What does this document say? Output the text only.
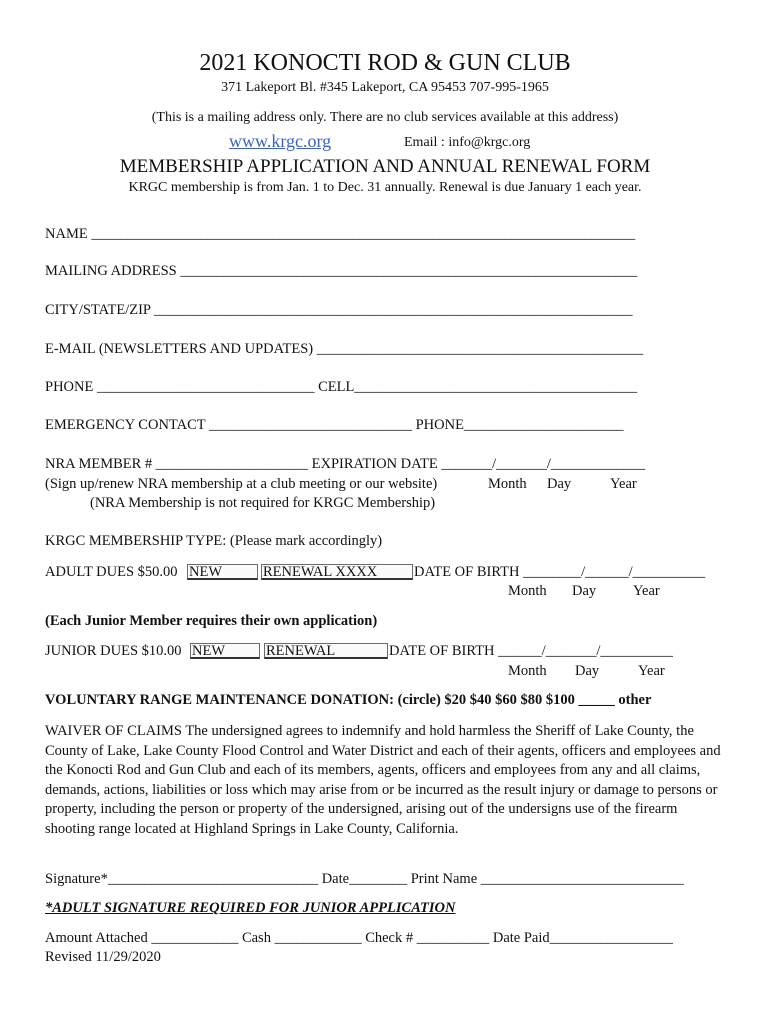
2021 KONOCTI ROD & GUN CLUB
371 Lakeport Bl. #345 Lakeport, CA 95453 707-995-1965
(This is a mailing address only. There are no club services available at this address)
www.krgc.org	Email : info@krgc.org
MEMBERSHIP APPLICATION AND ANNUAL RENEWAL FORM
KRGC membership is from Jan. 1 to Dec. 31 annually. Renewal is due January 1 each year.
NAME ___________________________________________________________________________
MAILING ADDRESS _______________________________________________________________
CITY/STATE/ZIP __________________________________________________________________
E-MAIL (NEWSLETTERS AND UPDATES) _____________________________________________
PHONE ______________________________ CELL_______________________________________
EMERGENCY CONTACT ____________________________ PHONE______________________
NRA MEMBER # _____________________ EXPIRATION DATE _______/_______/_____________
(Sign up/renew NRA membership at a club meeting or our website)	Month Day	Year
(NRA Membership is not required for KRGC Membership)
KRGC MEMBERSHIP TYPE: (Please mark accordingly)
ADULT DUES $50.00 NEW	RENEWAL XXXX	DATE OF BIRTH ________/______/__________
Month Day	Year
(Each Junior Member requires their own application)
JUNIOR DUES $10.00 NEW	RENEWAL	DATE OF BIRTH ______/_______/__________
Month Day	Year
VOLUNTARY RANGE MAINTENANCE DONATION: (circle) $20 $40 $60 $80 $100 _____ other
WAIVER OF CLAIMS The undersigned agrees to indemnify and hold harmless the Sheriff of Lake County, the County of Lake, Lake County Flood Control and Water District and each of their agents, officers and employees and the Konocti Rod and Gun Club and each of its members, agents, officers and employees from any and all claims, demands, actions, liabilities or loss which may arise from or be incurred as the result injury or damage to persons or property, including the person or property of the undersigned, arising out of the undersigns use of the firearm shooting range located at Highland Springs in Lake County, California.
Signature*_____________________________ Date________ Print Name ____________________________
*ADULT SIGNATURE REQUIRED FOR JUNIOR APPLICATION
Amount Attached ____________ Cash ____________ Check # __________ Date Paid_________________
Revised 11/29/2020
